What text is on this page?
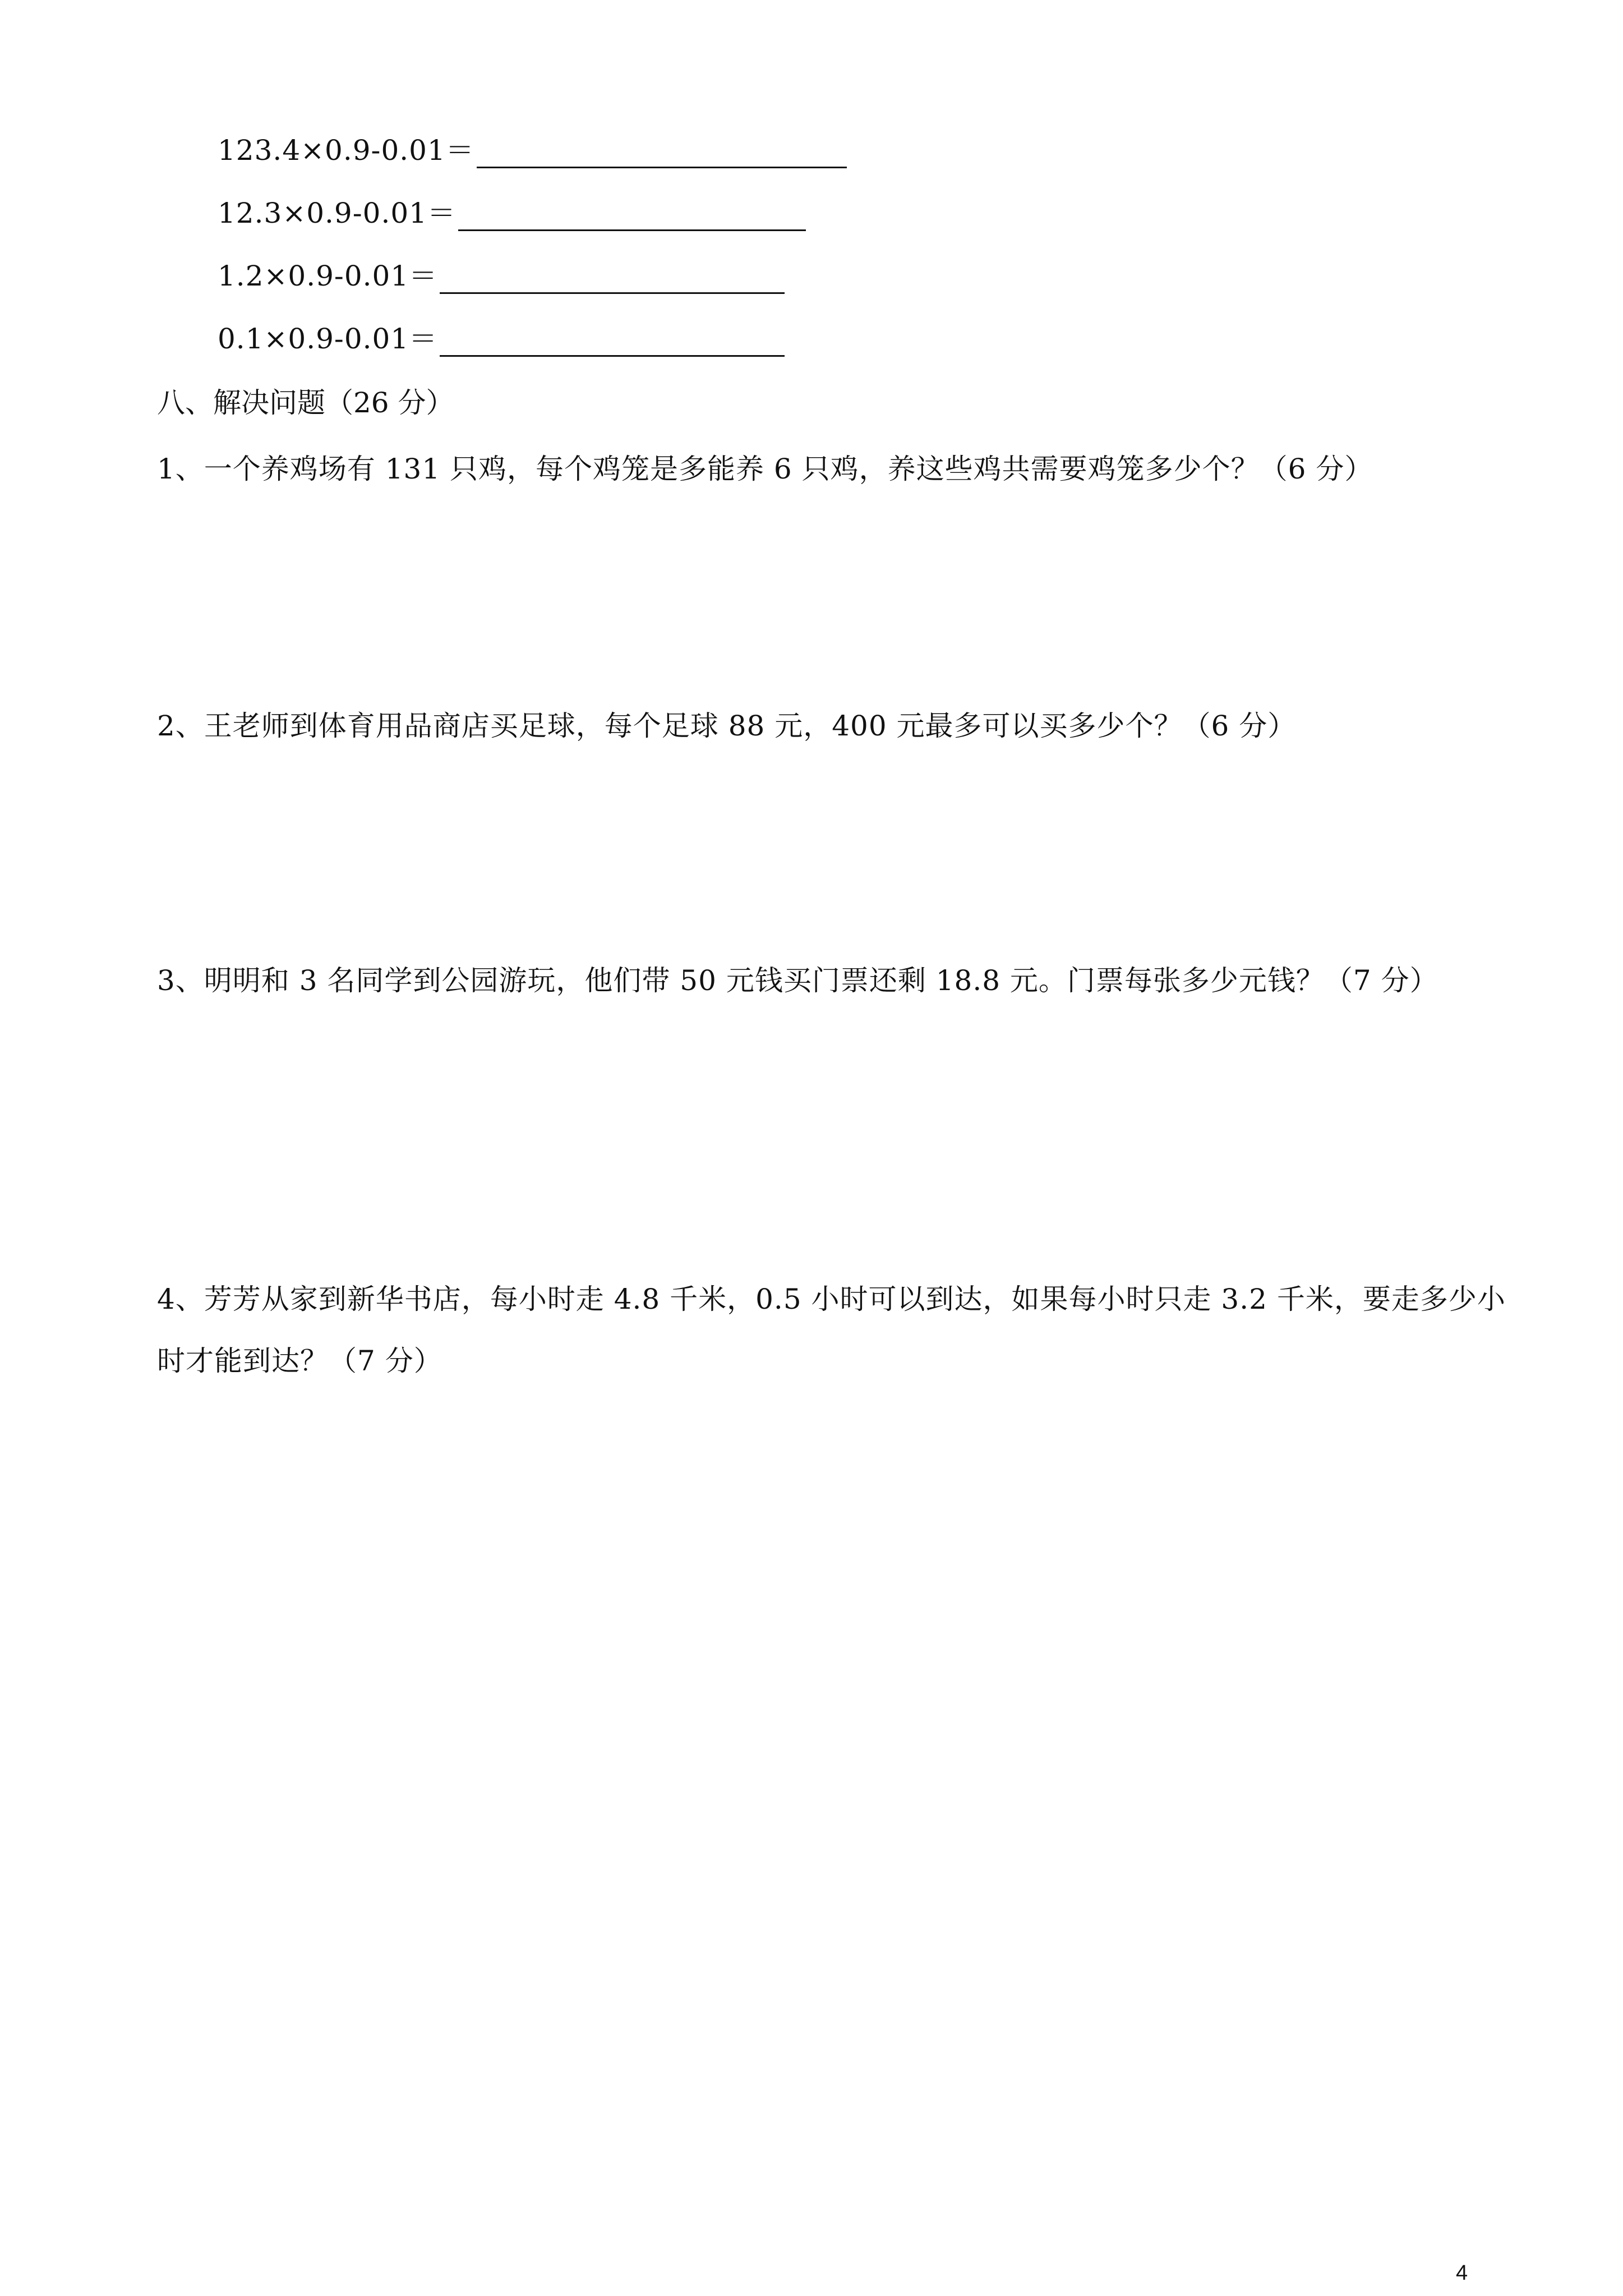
123.4×0.9-0.01＝
12.3×0.9-0.01＝
1.2×0.9-0.01＝
0.1×0.9-0.01＝
八、解决问题（26 分）
1、一个养鸡场有 131 只鸡，每个鸡笼是多能养 6 只鸡，养这些鸡共需要鸡笼多少个？（6 分）
2、王老师到体育用品商店买足球，每个足球 88 元，400 元最多可以买多少个？（6 分）
3、明明和 3 名同学到公园游玩，他们带 50 元钱买门票还剩 18.8 元。门票每张多少元钱？（7 分）
4、芳芳从家到新华书店，每小时走 4.8 千米，0.5 小时可以到达，如果每小时只走 3.2 千米，要走多少小
时才能到达？（7 分）
4
